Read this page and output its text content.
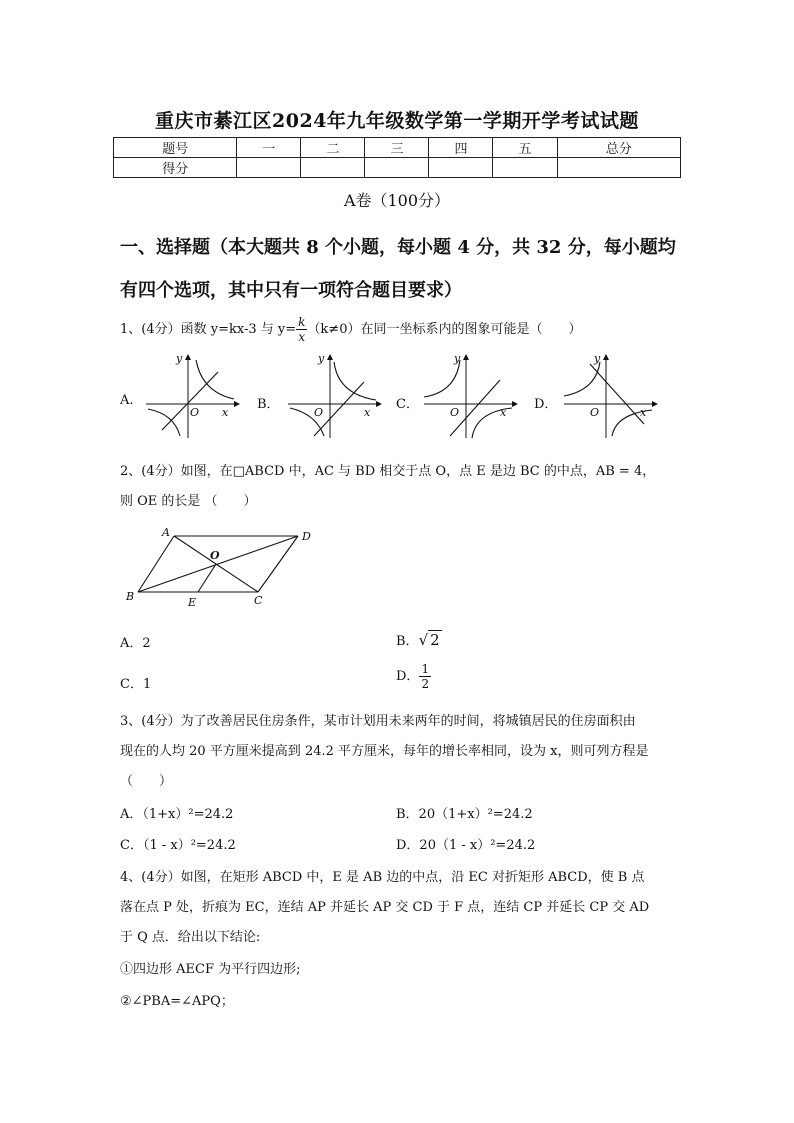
重庆市綦江区2024年九年级数学第一学期开学考试试题
题号	一	二	三	四	五	总分
得分						
A卷（100分）
一、选择题（本大题共 8 个小题，每小题 4 分，共 32 分，每小题均
有四个选项，其中只有一项符合题目要求）
1、(4分）函数 y=kx-3 与 $y= \frac{k}{x} (k\ne 0)$在同一坐标系内的图象可能是（　　）
A.	B．	C．	D．
y
x
O
y
x
O
y
x
O
y
x
O
2、(4分）如图，在□ABCD 中，AC 与 BD 相交于点 O，点 E 是边 BC 的中点，AB = 4，
则 OE 的长是 （　　）
A	D
B	C
O
E
A．2	B．√ 2
C．1
D． $\frac{1}{2}$
3、(4分）为了改善居民住房条件，某市计划用未来两年的时间，将城镇居民的住房面积由
现在的人均 20 平方厘米提高到 24.2 平方厘米，每年的增长率相同，设为 x，则可列方程是
（　　）
A．（1+x）²=24.2	B．20（1+x）²=24.2
C．（1 - x）²=24.2	D．20（1 - x）²=24.2
4、(4分）如图，在矩形 ABCD 中，E 是 AB 边的中点，沿 EC 对折矩形 ABCD，使 B 点
落在点 P 处，折痕为 EC，连结 AP 并延长 AP 交 CD 于 F 点，连结 CP 并延长 CP 交 AD
于 Q 点．给出以下结论:
①四边形 AECF 为平行四边形;
②∠PBA=∠APQ；
